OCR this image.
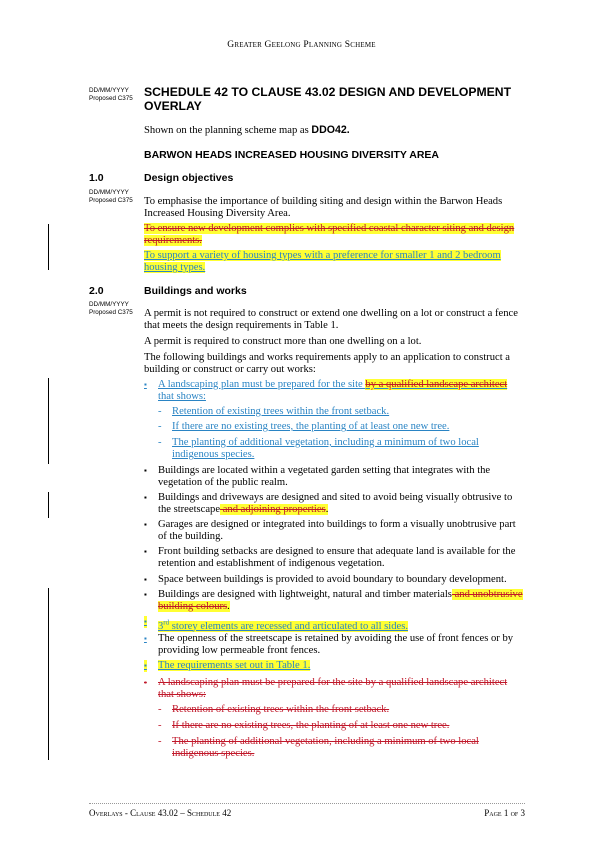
Greater Geelong Planning Scheme
DD/MM/YYYY
Proposed C375 SCHEDULE 42 TO CLAUSE 43.02 DESIGN AND DEVELOPMENT OVERLAY
Shown on the planning scheme map as DDO42.
BARWON HEADS INCREASED HOUSING DIVERSITY AREA
1.0	Design objectives
DD/MM/YYYY
Proposed C375 To emphasise the importance of building siting and design within the Barwon Heads Increased Housing Diversity Area.
To ensure new development complies with specified coastal character siting and design requirements.
To support a variety of housing types with a preference for smaller 1 and 2 bedroom housing types.
2.0	Buildings and works
DD/MM/YYYY
Proposed C375 A permit is not required to construct or extend one dwelling on a lot or construct a fence that meets the design requirements in Table 1.
A permit is required to construct more than one dwelling on a lot.
The following buildings and works requirements apply to an application to construct a building or construct or carry out works:
▪ A landscaping plan must be prepared for the site by a qualified landscape architect that shows:
- Retention of existing trees within the front setback.
- If there are no existing trees, the planting of at least one new tree.
- The planting of additional vegetation, including a minimum of two local indigenous species.
▪ Buildings are located within a vegetated garden setting that integrates with the vegetation of the public realm.
▪ Buildings and driveways are designed and sited to avoid being visually obtrusive to the streetscape and adjoining properties.
▪ Garages are designed or integrated into buildings to form a visually unobtrusive part of the building.
▪ Front building setbacks are designed to ensure that adequate land is available for the retention and establishment of indigenous vegetation.
▪ Space between buildings is provided to avoid boundary to boundary development.
▪ Buildings are designed with lightweight, natural and timber materials and unobtrusive building colours.
▪ 3rd storey elements are recessed and articulated to all sides.
▪ The openness of the streetscape is retained by avoiding the use of front fences or by providing low permeable front fences.
▪ The requirements set out in Table 1.
▪ A landscaping plan must be prepared for the site by a qualified landscape architect that shows:
- Retention of existing trees within the front setback.
- If there are no existing trees, the planting of at least one new tree.
- The planting of additional vegetation, including a minimum of two local indigenous species.
Overlays - Clause 43.02 – Schedule 42	Page 1 of 3
